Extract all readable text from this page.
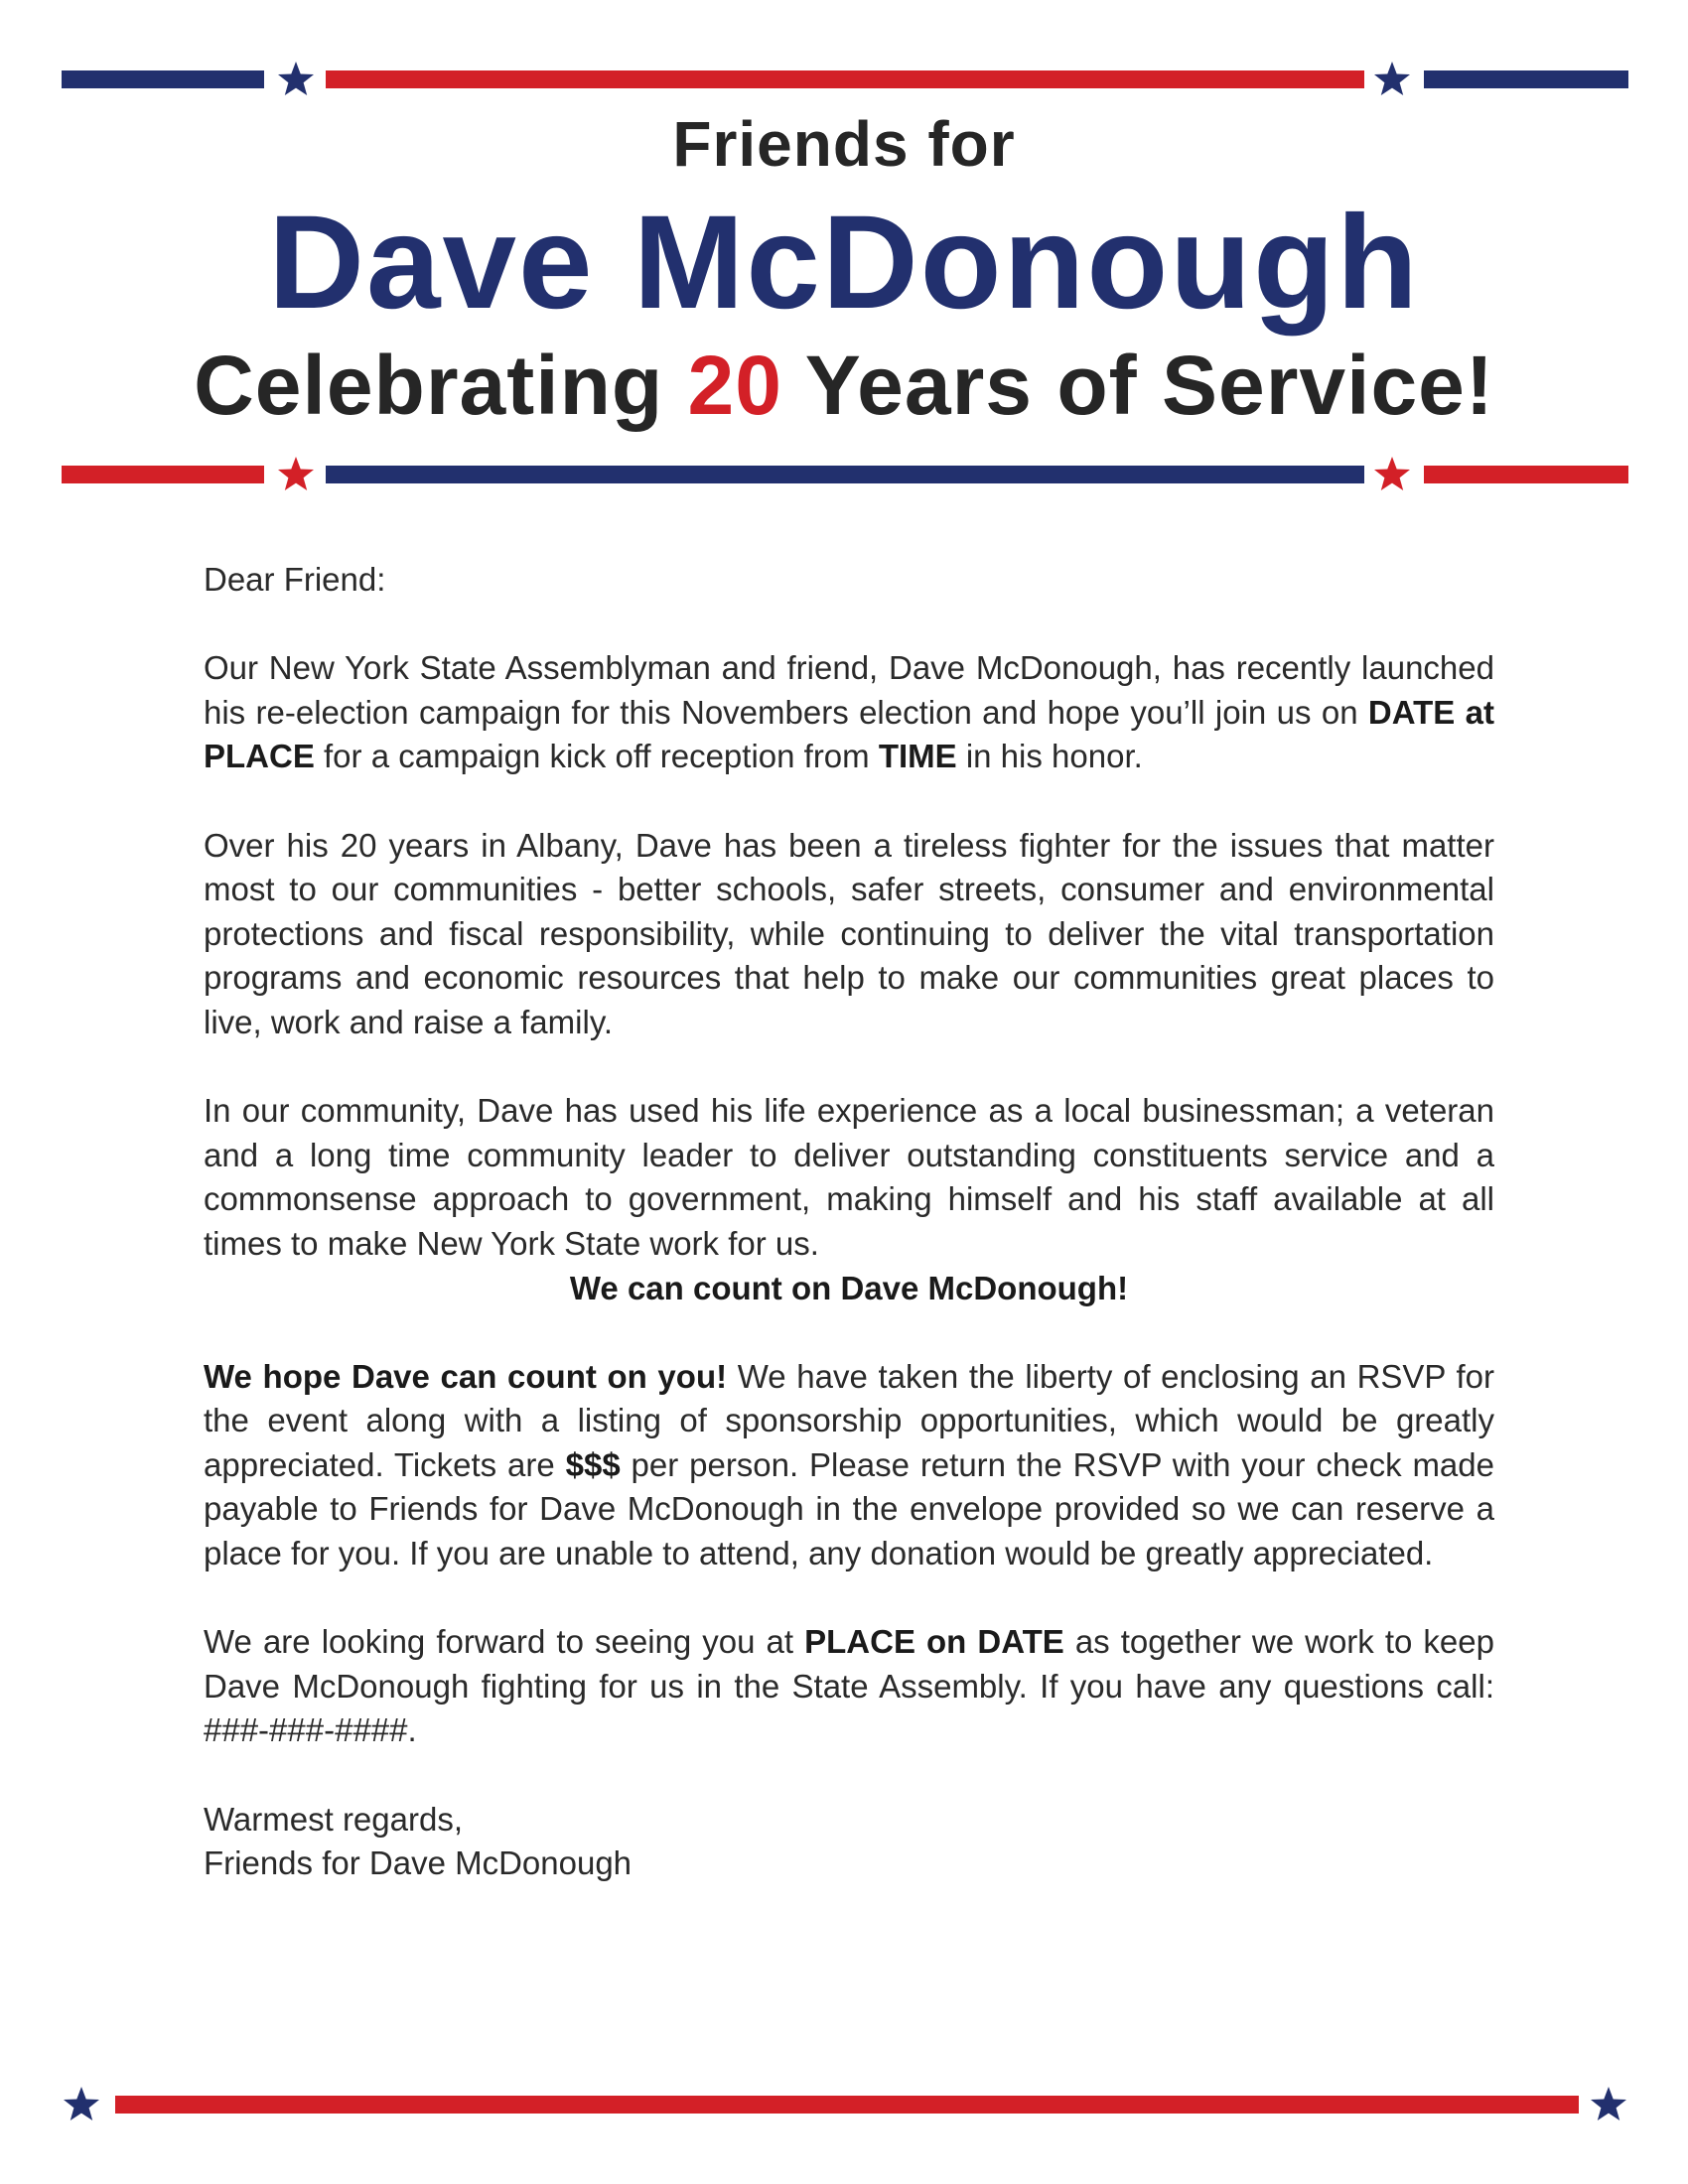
Friends for
Dave McDonough
Celebrating 20 Years of Service!

Dear Friend:

Our New York State Assemblyman and friend, Dave McDonough, has recently launched his re-election campaign for this Novembers election and hope you’ll join us on DATE at PLACE for a campaign kick off reception from TIME in his honor.

Over his 20 years in Albany, Dave has been a tireless fighter for the issues that matter most to our communities - better schools, safer streets, consumer and environmental protections and fiscal responsibility, while continuing to deliver the vital transportation programs and economic resources that help to make our communities great places to live, work and raise a family.

In our community, Dave has used his life experience as a local businessman; a veteran and a long time community leader to deliver outstanding constituents service and a commonsense approach to government, making himself and his staff available at all times to make New York State work for us.

We can count on Dave McDonough!

We hope Dave can count on you! We have taken the liberty of enclosing an RSVP for the event along with a listing of sponsorship opportunities, which would be greatly appreciated. Tickets are $$$ per person. Please return the RSVP with your check made payable to Friends for Dave McDonough in the envelope provided so we can reserve a place for you. If you are unable to attend, any donation would be greatly appreciated.

We are looking forward to seeing you at PLACE on DATE as together we work to keep Dave McDonough fighting for us in the State Assembly. If you have any questions call: ###-###-####.

Warmest regards,
Friends for Dave McDonough
